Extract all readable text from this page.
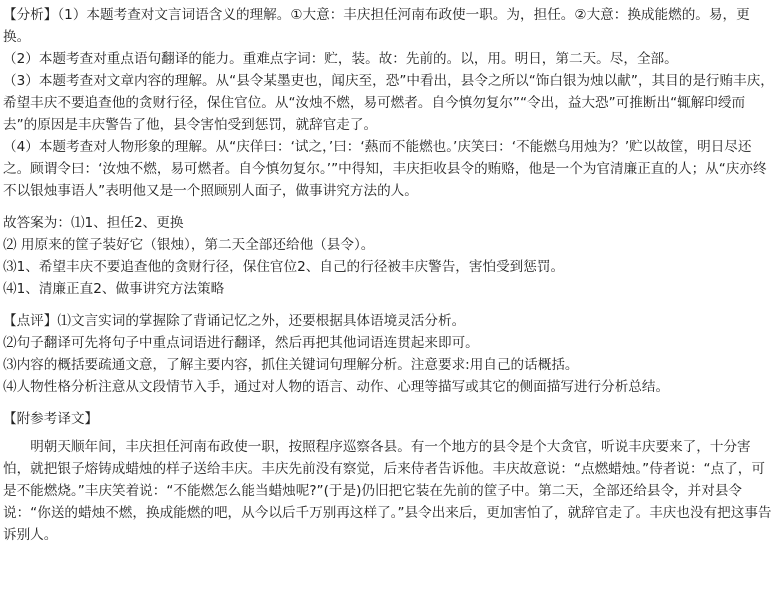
【分析】（1）本题考查对文言词语含义的理解。①大意：丰庆担任河南布政使一职。为，担任。②大意：换成能燃的。易，更换。

（2）本题考查对重点语句翻译的能力。重难点字词：贮，装。故：先前的。以，用。明日，第二天。尽，全部。

（3）本题考查对文章内容的理解。从“县令某墨吏也，闻庆至，恐”中看出，县令之所以“饰白银为烛以献”，其目的是行贿丰庆，希望丰庆不要追查他的贪财行径，保住官位。从“汝烛不燃，易可燃者。自今慎勿复尔”“令出，益大恐”可推断出“辄解印绶而去”的原因是丰庆警告了他，县令害怕受到惩罚，就辞官走了。

（4）本题考查对人物形象的理解。从“庆佯曰：‘试之，’曰：‘爇而不能燃也。’庆笑曰：‘不能燃乌用烛为？’贮以故筐，明日尽还之。顾谓令曰：‘汝烛不燃，易可燃者。自今慎勿复尔。’”中得知，丰庆拒收县令的贿赂，他是一个为官清廉正直的人；从“庆亦终不以银烛事语人”表明他又是一个照顾别人面子，做事讲究方法的人。

故答案为：⑴1、担任2、更换

⑵ 用原来的筐子装好它（银烛），第二天全部还给他（县令）。

⑶1、希望丰庆不要追查他的贪财行径，保住官位2、自己的行径被丰庆警告，害怕受到惩罚。

⑷1、清廉正直2、做事讲究方法策略

【点评】⑴文言实词的掌握除了背诵记忆之外，还要根据具体语境灵活分析。

⑵句子翻译可先将句子中重点词语进行翻译，然后再把其他词语连贯起来即可。

⑶内容的概括要疏通文意，了解主要内容，抓住关键词句理解分析。注意要求:用自己的话概括。

⑷人物性格分析注意从文段情节入手，通过对人物的语言、动作、心理等描写或其它的侧面描写进行分析总结。

【附参考译文】

明朝天顺年间，丰庆担任河南布政使一职，按照程序巡察各县。有一个地方的县令是个大贪官，听说丰庆要来了，十分害怕，就把银子熔铸成蜡烛的样子送给丰庆。丰庆先前没有察觉，后来侍者告诉他。丰庆故意说：“点燃蜡烛。”侍者说：“点了，可是不能燃烧。”丰庆笑着说：“不能燃怎么能当蜡烛呢?”(于是)仍旧把它装在先前的筐子中。第二天，全部还给县令，并对县令说：“你送的蜡烛不燃，换成能燃的吧，从今以后千万别再这样了。”县令出来后，更加害怕了，就辞官走了。丰庆也没有把这事告诉别人。
